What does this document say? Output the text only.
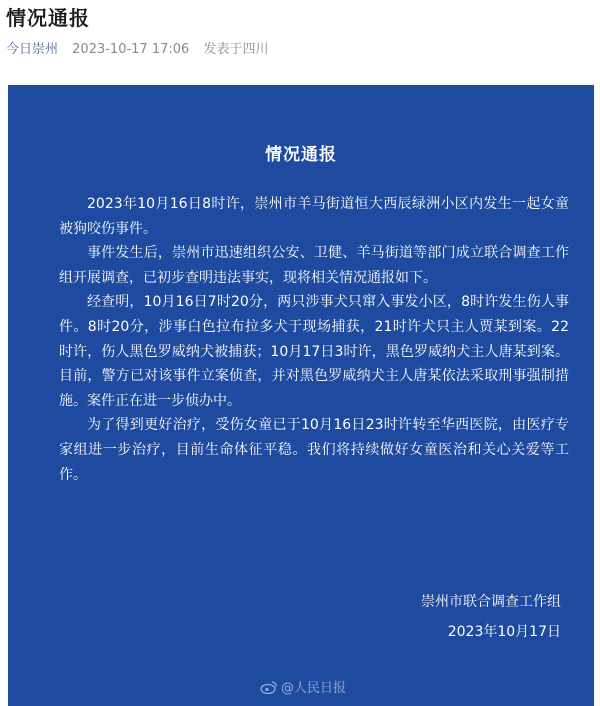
情况通报
今日崇州 2023-10-17 17:06 发表于四川
情况通报

2023年10月16日8时许，崇州市羊马街道恒大西辰绿洲小区内发生一起女童被狗咬伤事件。

事件发生后，崇州市迅速组织公安、卫健、羊马街道等部门成立联合调查工作组开展调查，已初步查明违法事实，现将相关情况通报如下。

经查明，10月16日7时20分，两只涉事犬只窜入事发小区，8时许发生伤人事件。8时20分，涉事白色拉布拉多犬于现场捕获，21时许犬只主人贾某到案。22时许，伤人黑色罗威纳犬被捕获；10月17日3时许，黑色罗威纳犬主人唐某到案。目前，警方已对该事件立案侦查，并对黑色罗威纳犬主人唐某依法采取刑事强制措施。案件正在进一步侦办中。

为了得到更好治疗，受伤女童已于10月16日23时许转至华西医院，由医疗专家组进一步治疗，目前生命体征平稳。我们将持续做好女童医治和关心关爱等工作。

崇州市联合调查工作组
2023年10月17日
@人民日报
